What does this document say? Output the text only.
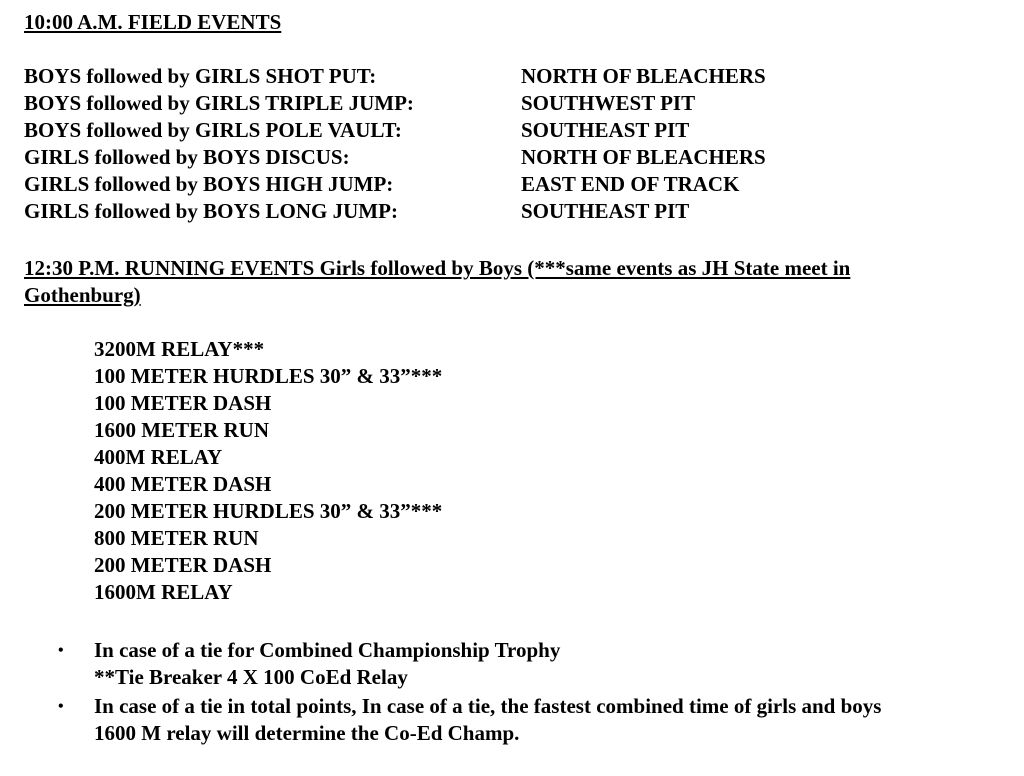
10:00 A.M. FIELD EVENTS
BOYS followed by GIRLS SHOT PUT:	NORTH OF BLEACHERS
BOYS followed by GIRLS TRIPLE JUMP:	SOUTHWEST PIT
BOYS followed by GIRLS POLE VAULT:	SOUTHEAST PIT
GIRLS followed by BOYS DISCUS:	NORTH OF BLEACHERS
GIRLS followed by BOYS HIGH JUMP:	EAST END OF TRACK
GIRLS followed by BOYS LONG JUMP:	SOUTHEAST PIT
12:30 P.M. RUNNING EVENTS Girls followed by Boys (***same events as JH State meet in
Gothenburg)
3200M RELAY***
100 METER HURDLES 30” & 33”***
100 METER DASH
1600 METER RUN
400M RELAY
400 METER DASH
200 METER HURDLES 30” & 33”***
800 METER RUN
200 METER DASH
1600M RELAY
• In case of a tie for Combined Championship Trophy
**Tie Breaker 4 X 100 CoEd Relay
• In case of a tie in total points, In case of a tie, the fastest combined time of girls and boys
1600 M relay will determine the Co-Ed Champ.
